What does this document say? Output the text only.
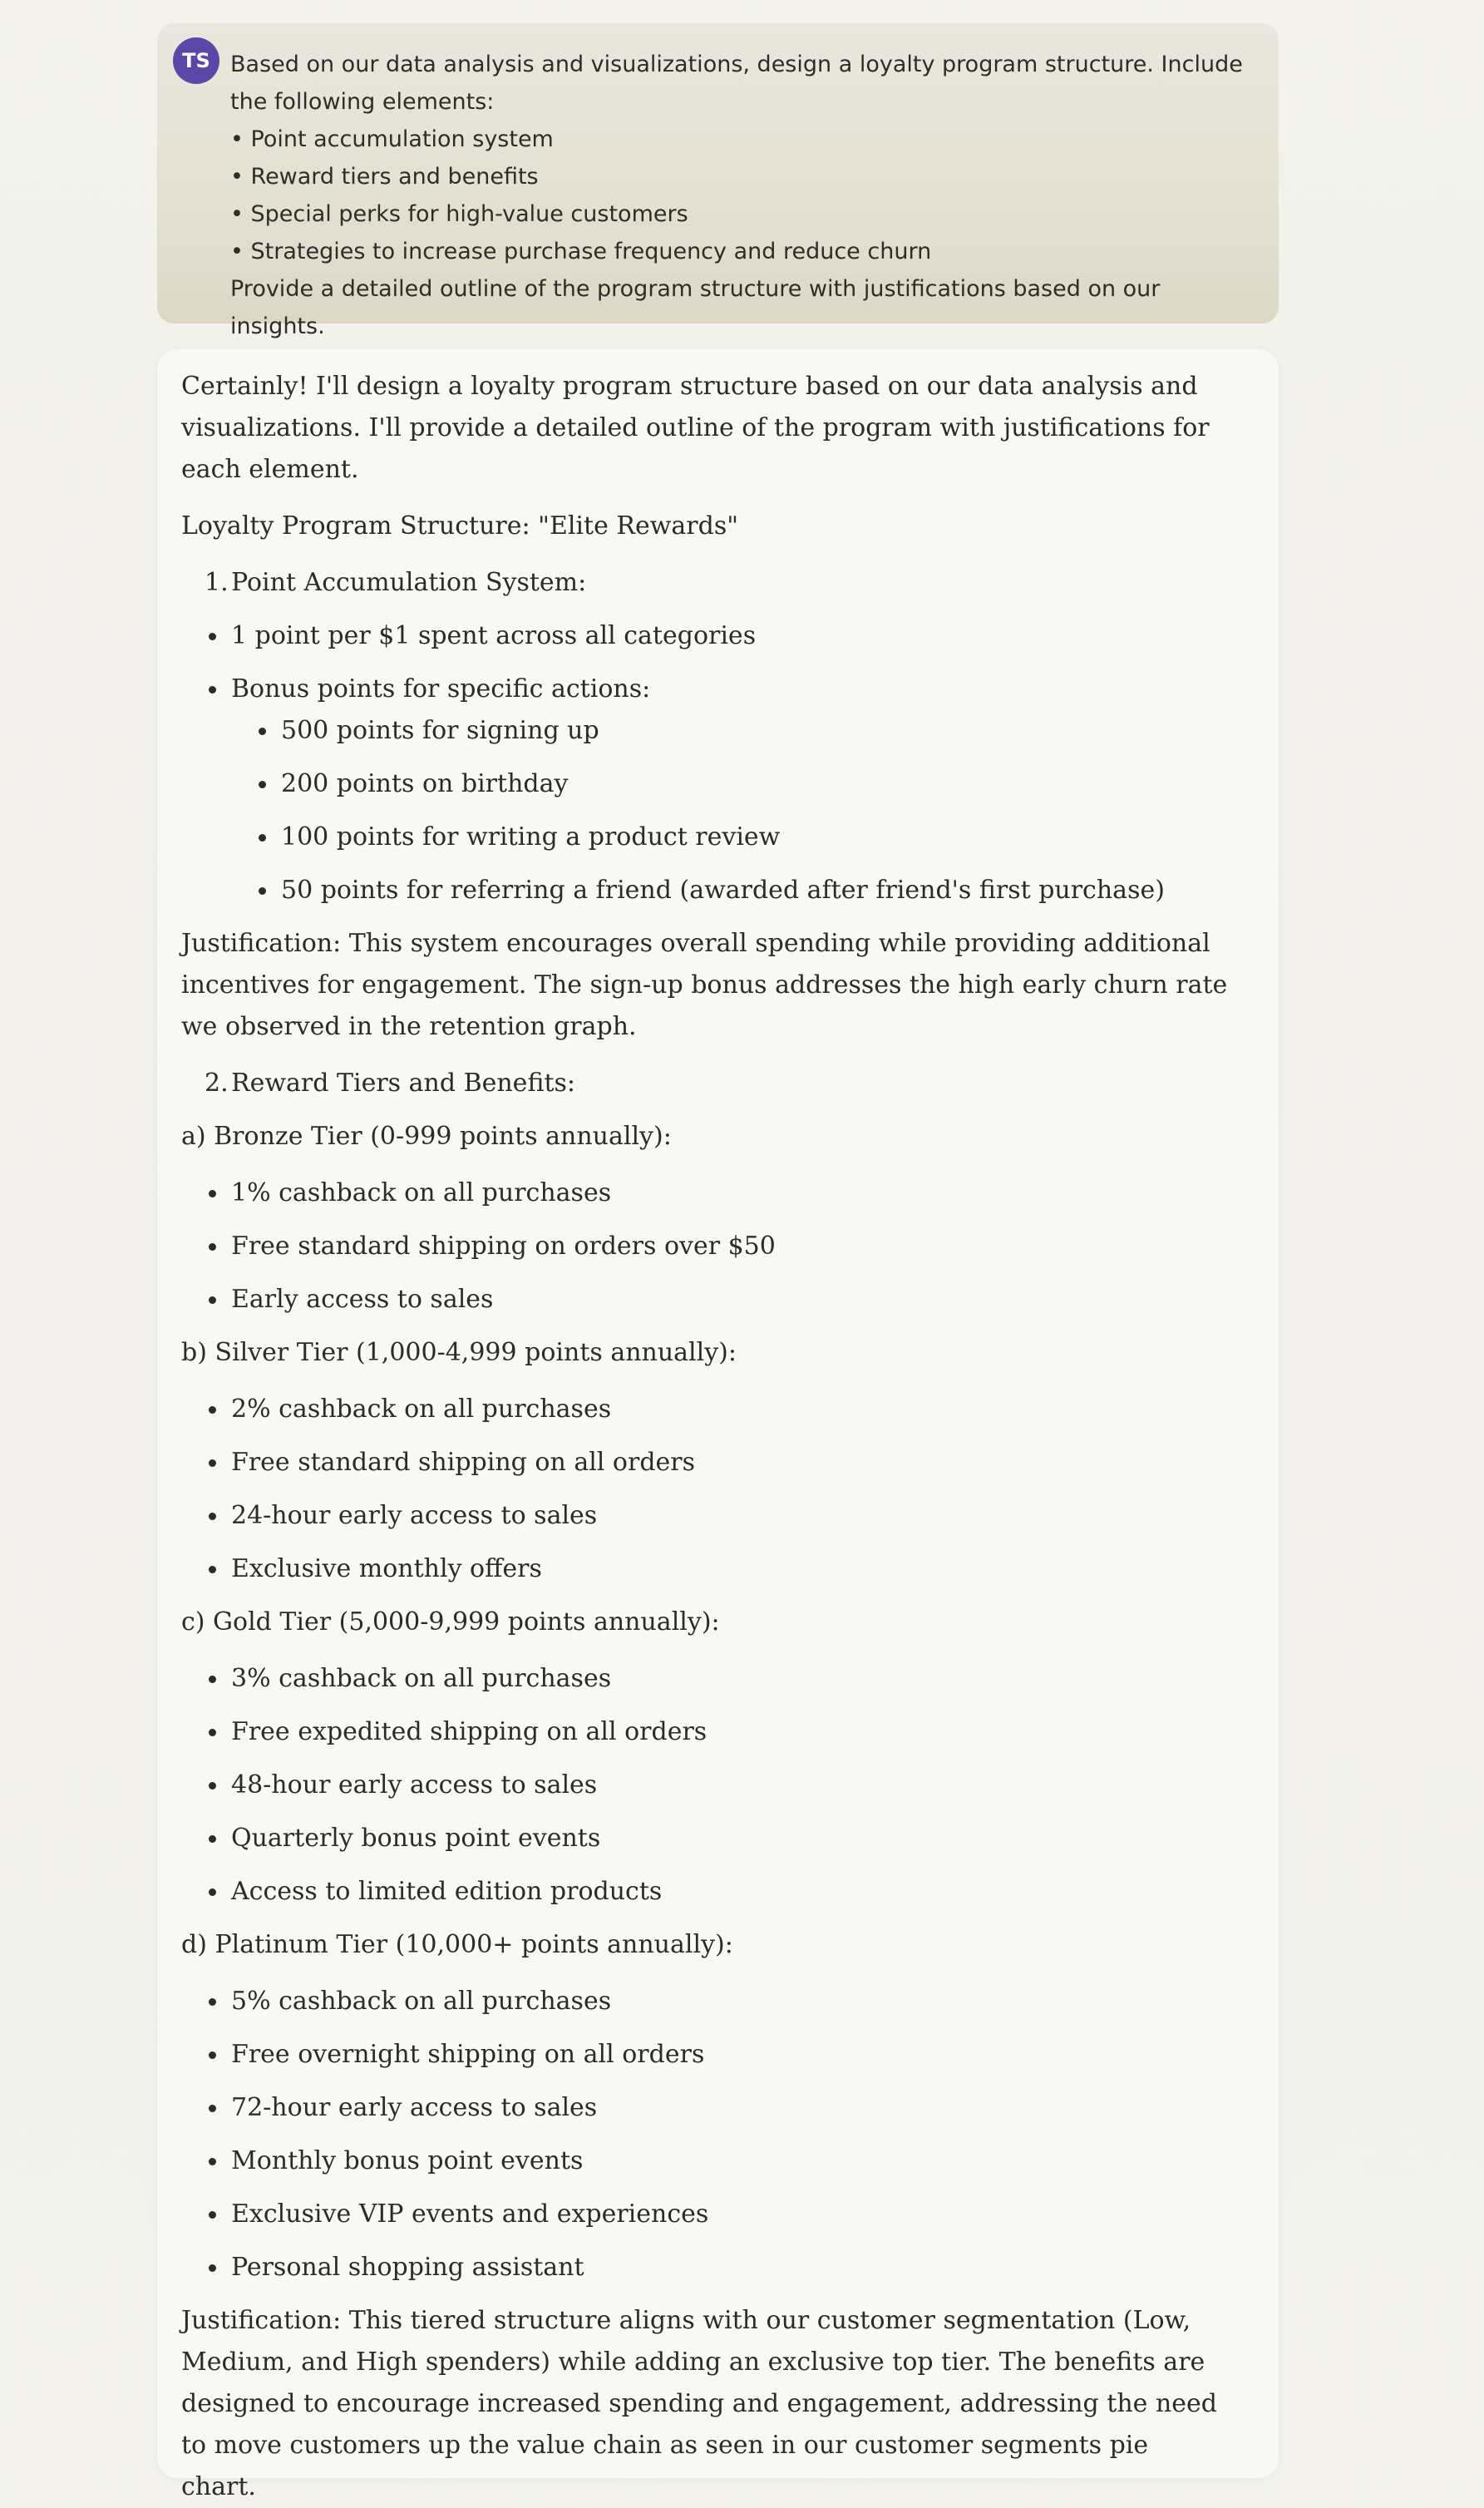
TS Based on our data analysis and visualizations, design a loyalty program structure. Include the following elements:

• Point accumulation system
• Reward tiers and benefits
• Special perks for high-value customers
• Strategies to increase purchase frequency and reduce churn

Provide a detailed outline of the program structure with justifications based on our insights.

Certainly! I'll design a loyalty program structure based on our data analysis and visualizations. I'll provide a detailed outline of the program with justifications for each element.

Loyalty Program Structure: "Elite Rewards"

1. Point Accumulation System:
1 point per $1 spent across all categories
Bonus points for specific actions:
500 points for signing up
200 points on birthday
100 points for writing a product review
50 points for referring a friend (awarded after friend's first purchase)

Justification: This system encourages overall spending while providing additional incentives for engagement. The sign-up bonus addresses the high early churn rate we observed in the retention graph.

2. Reward Tiers and Benefits:

a) Bronze Tier (0-999 points annually):

1% cashback on all purchases
Free standard shipping on orders over $50
Early access to sales

b) Silver Tier (1,000-4,999 points annually):

2% cashback on all purchases
Free standard shipping on all orders
24-hour early access to sales
Exclusive monthly offers

c) Gold Tier (5,000-9,999 points annually):

3% cashback on all purchases
Free expedited shipping on all orders
48-hour early access to sales
Quarterly bonus point events
Access to limited edition products

d) Platinum Tier (10,000+ points annually):

5% cashback on all purchases
Free overnight shipping on all orders
72-hour early access to sales
Monthly bonus point events
Exclusive VIP events and experiences
Personal shopping assistant

Justification: This tiered structure aligns with our customer segmentation (Low, Medium, and High spenders) while adding an exclusive top tier. The benefits are designed to encourage increased spending and engagement, addressing the need to move customers up the value chain as seen in our customer segments pie chart.
